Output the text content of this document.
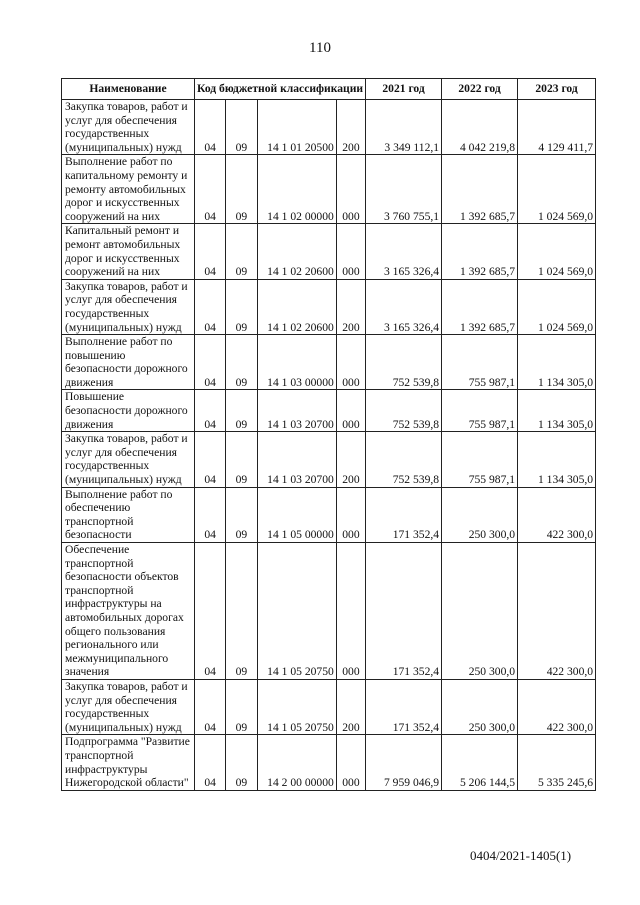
110
Наименование	Код бюджетной классификации				2021 год	2022 год	2023 год
Закупка товаров, работ и услуг для обеспечения государственных (муниципальных) нужд	04	09	14 1 01 20500	200	3 349 112,1	4 042 219,8	4 129 411,7
Выполнение работ по капитальному ремонту и ремонту автомобильных дорог и искусственных сооружений на них	04	09	14 1 02 00000	000	3 760 755,1	1 392 685,7	1 024 569,0
Капитальный ремонт и ремонт автомобильных дорог и искусственных сооружений на них	04	09	14 1 02 20600	000	3 165 326,4	1 392 685,7	1 024 569,0
Закупка товаров, работ и услуг для обеспечения государственных (муниципальных) нужд	04	09	14 1 02 20600	200	3 165 326,4	1 392 685,7	1 024 569,0
Выполнение работ по повышению безопасности дорожного движения	04	09	14 1 03 00000	000	752 539,8	755 987,1	1 134 305,0
Повышение безопасности дорожного движения	04	09	14 1 03 20700	000	752 539,8	755 987,1	1 134 305,0
Закупка товаров, работ и услуг для обеспечения государственных (муниципальных) нужд	04	09	14 1 03 20700	200	752 539,8	755 987,1	1 134 305,0
Выполнение работ по обеспечению транспортной безопасности	04	09	14 1 05 00000	000	171 352,4	250 300,0	422 300,0
Обеспечение транспортной безопасности объектов транспортной инфраструктуры на автомобильных дорогах общего пользования регионального или межмуниципального значения	04	09	14 1 05 20750	000	171 352,4	250 300,0	422 300,0
Закупка товаров, работ и услуг для обеспечения государственных (муниципальных) нужд	04	09	14 1 05 20750	200	171 352,4	250 300,0	422 300,0
Подпрограмма "Развитие транспортной инфраструктуры Нижегородской области"	04	09	14 2 00 00000	000	7 959 046,9	5 206 144,5	5 335 245,6
0404/2021-1405(1)
